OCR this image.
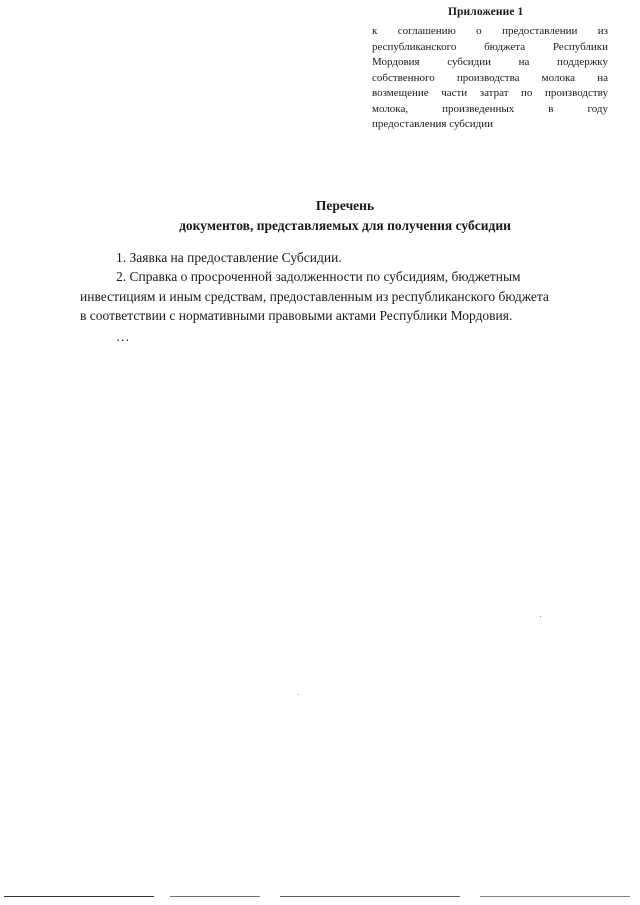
Приложение 1
к соглашению о предоставлении из
республиканского бюджета Республики
Мордовия субсидии на поддержку
собственного производства молока на
возмещение части затрат по производству
молока, произведенных в году
предоставления субсидии
Перечень
документов, представляемых для получения субсидии
1. Заявка на предоставление Субсидии.
2. Справка о просроченной задолженности по субсидиям, бюджетным
инвестициям и иным средствам, предоставленным из республиканского бюджета
в соответствии с нормативными правовыми актами Республики Мордовия.
…
